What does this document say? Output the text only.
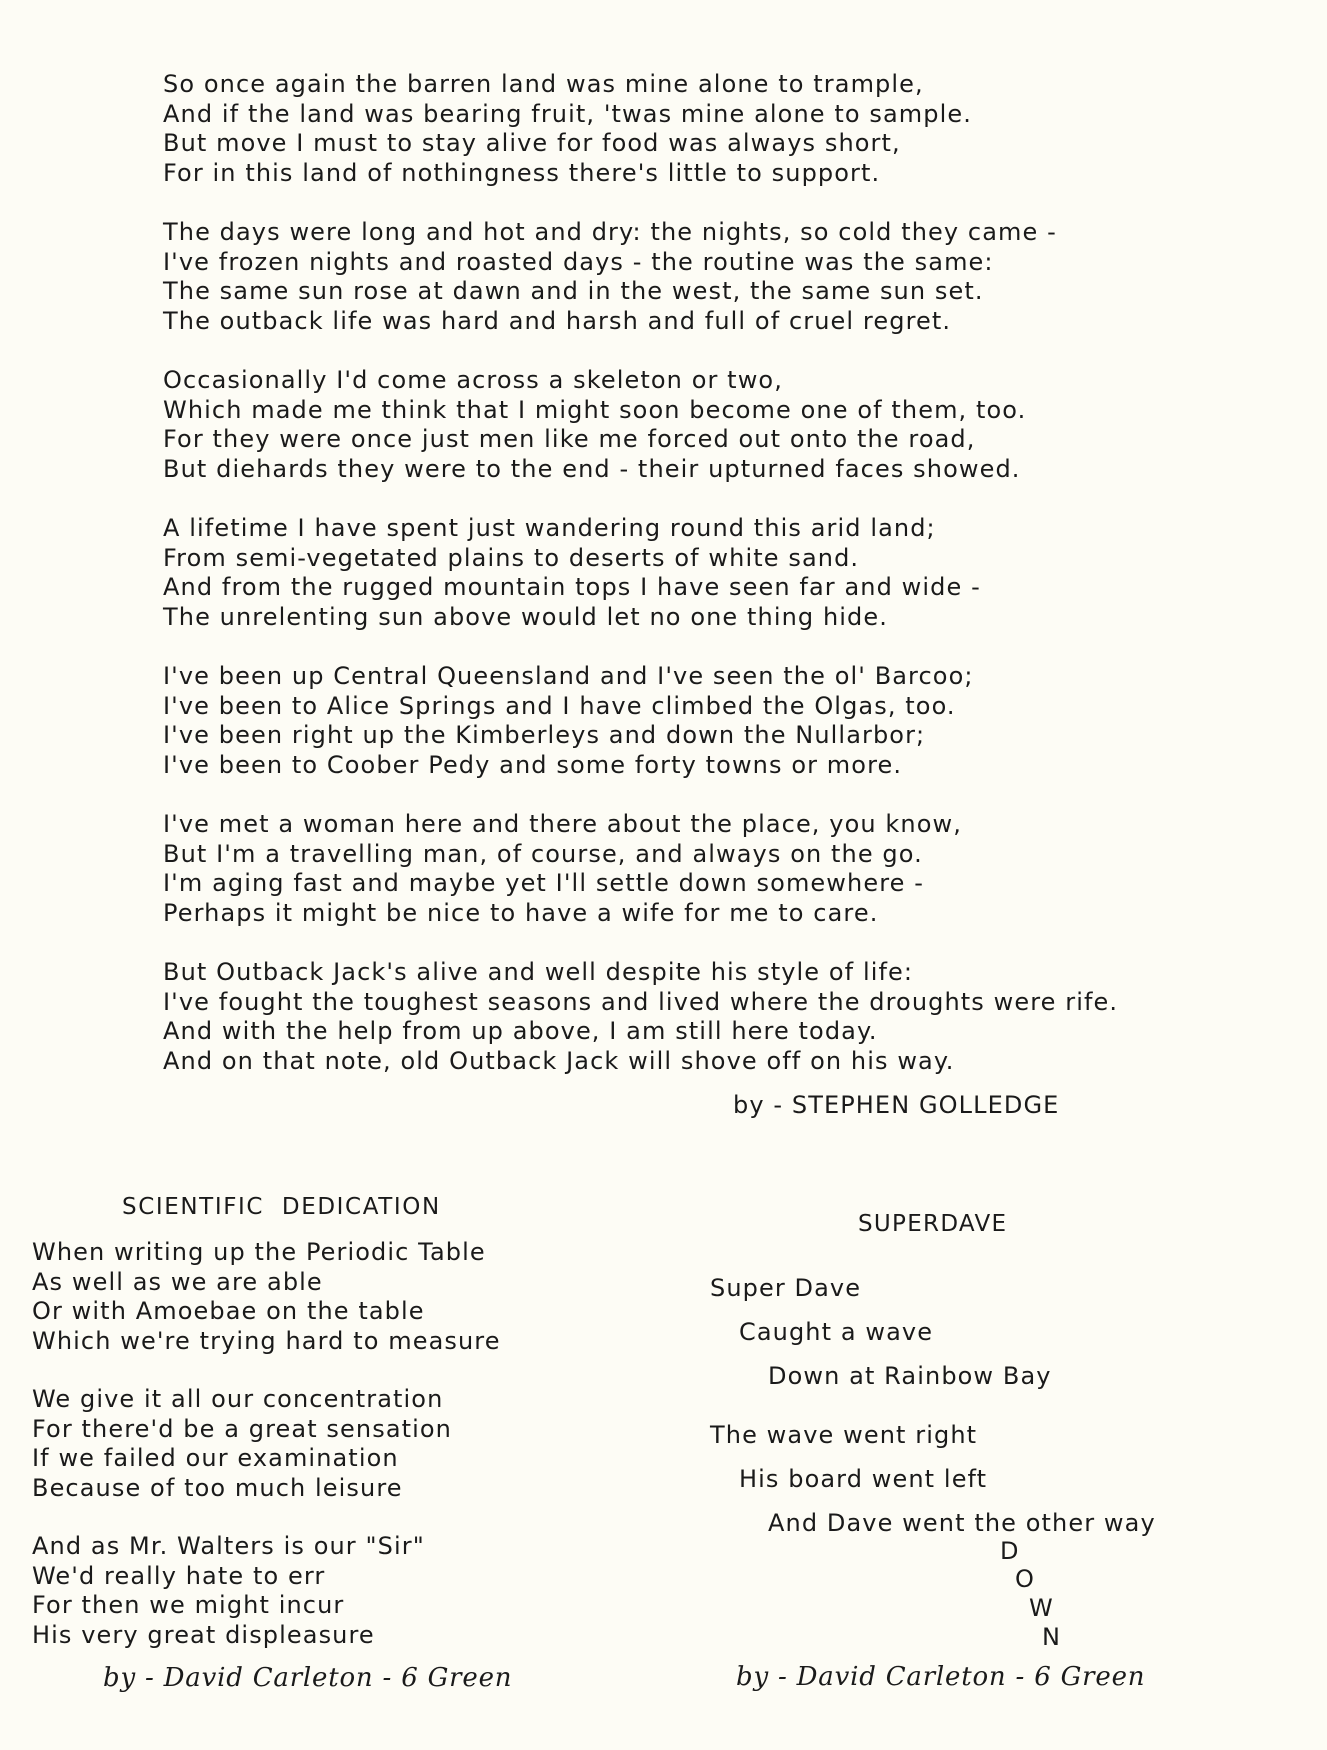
So once again the barren land was mine alone to trample,
And if the land was bearing fruit, 'twas mine alone to sample.
But move I must to stay alive for food was always short,
For in this land of nothingness there's little to support.
The days were long and hot and dry: the nights, so cold they came -
I've frozen nights and roasted days - the routine was the same:
The same sun rose at dawn and in the west, the same sun set.
The outback life was hard and harsh and full of cruel regret.
Occasionally I'd come across a skeleton or two,
Which made me think that I might soon become one of them, too.
For they were once just men like me forced out onto the road,
But diehards they were to the end - their upturned faces showed.
A lifetime I have spent just wandering round this arid land;
From semi-vegetated plains to deserts of white sand.
And from the rugged mountain tops I have seen far and wide -
The unrelenting sun above would let no one thing hide.
I've been up Central Queensland and I've seen the ol' Barcoo;
I've been to Alice Springs and I have climbed the Olgas, too.
I've been right up the Kimberleys and down the Nullarbor;
I've been to Coober Pedy and some forty towns or more.
I've met a woman here and there about the place, you know,
But I'm a travelling man, of course, and always on the go.
I'm aging fast and maybe yet I'll settle down somewhere -
Perhaps it might be nice to have a wife for me to care.
But Outback Jack's alive and well despite his style of life:
I've fought the toughest seasons and lived where the droughts were rife.
And with the help from up above, I am still here today.
And on that note, old Outback Jack will shove off on his way.
by - STEPHEN GOLLEDGE
SCIENTIFIC  DEDICATION
When writing up the Periodic Table
As well as we are able
Or with Amoebae on the table
Which we're trying hard to measure
We give it all our concentration
For there'd be a great sensation
If we failed our examination
Because of too much leisure
And as Mr. Walters is our "Sir"
We'd really hate to err
For then we might incur
His very great displeasure
by - David Carleton - 6 Green
SUPERDAVE
Super Dave
Caught a wave
Down at Rainbow Bay
The wave went right
His board went left
And Dave went the other way
D
O
W
N
by - David Carleton - 6 Green
